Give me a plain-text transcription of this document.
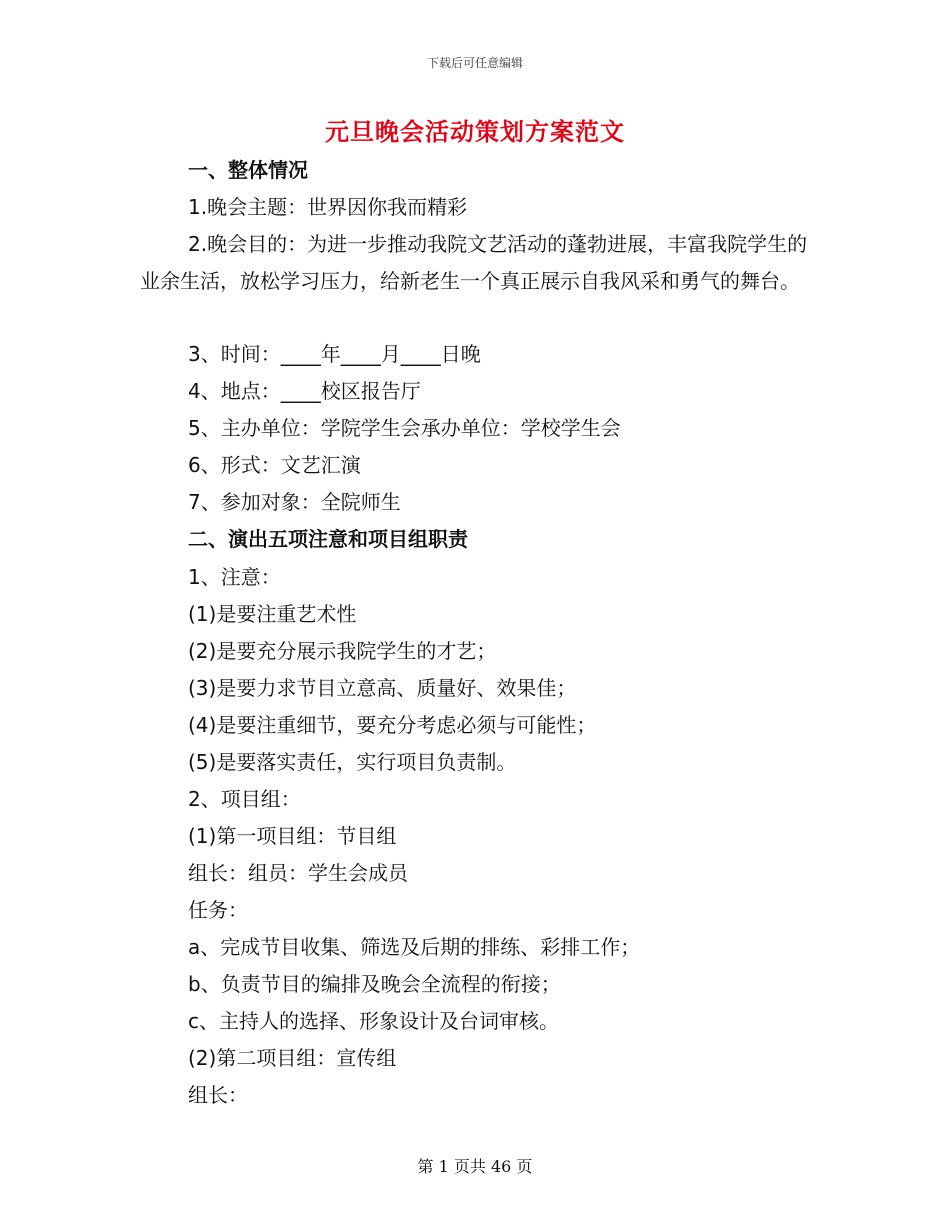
下载后可任意编辑
元旦晚会活动策划方案范文
一、整体情况
1.晚会主题：世界因你我而精彩
2.晚会目的：为进一步推动我院文艺活动的蓬勃进展，丰富我院学生的业余生活，放松学习压力，给新老生一个真正展示自我风采和勇气的舞台。
3、时间：____年____月____日晚
4、地点：____校区报告厅
5、主办单位：学院学生会承办单位：学校学生会
6、形式：文艺汇演
7、参加对象：全院师生
二、演出五项注意和项目组职责
1、注意：
(1)是要注重艺术性
(2)是要充分展示我院学生的才艺；
(3)是要力求节目立意高、质量好、效果佳；
(4)是要注重细节，要充分考虑必须与可能性；
(5)是要落实责任，实行项目负责制。
2、项目组：
(1)第一项目组：节目组
组长：组员：学生会成员
任务：
a、完成节目收集、筛选及后期的排练、彩排工作；
b、负责节目的编排及晚会全流程的衔接；
c、主持人的选择、形象设计及台词审核。
(2)第二项目组：宣传组
组长：
第 1 页共 46 页
